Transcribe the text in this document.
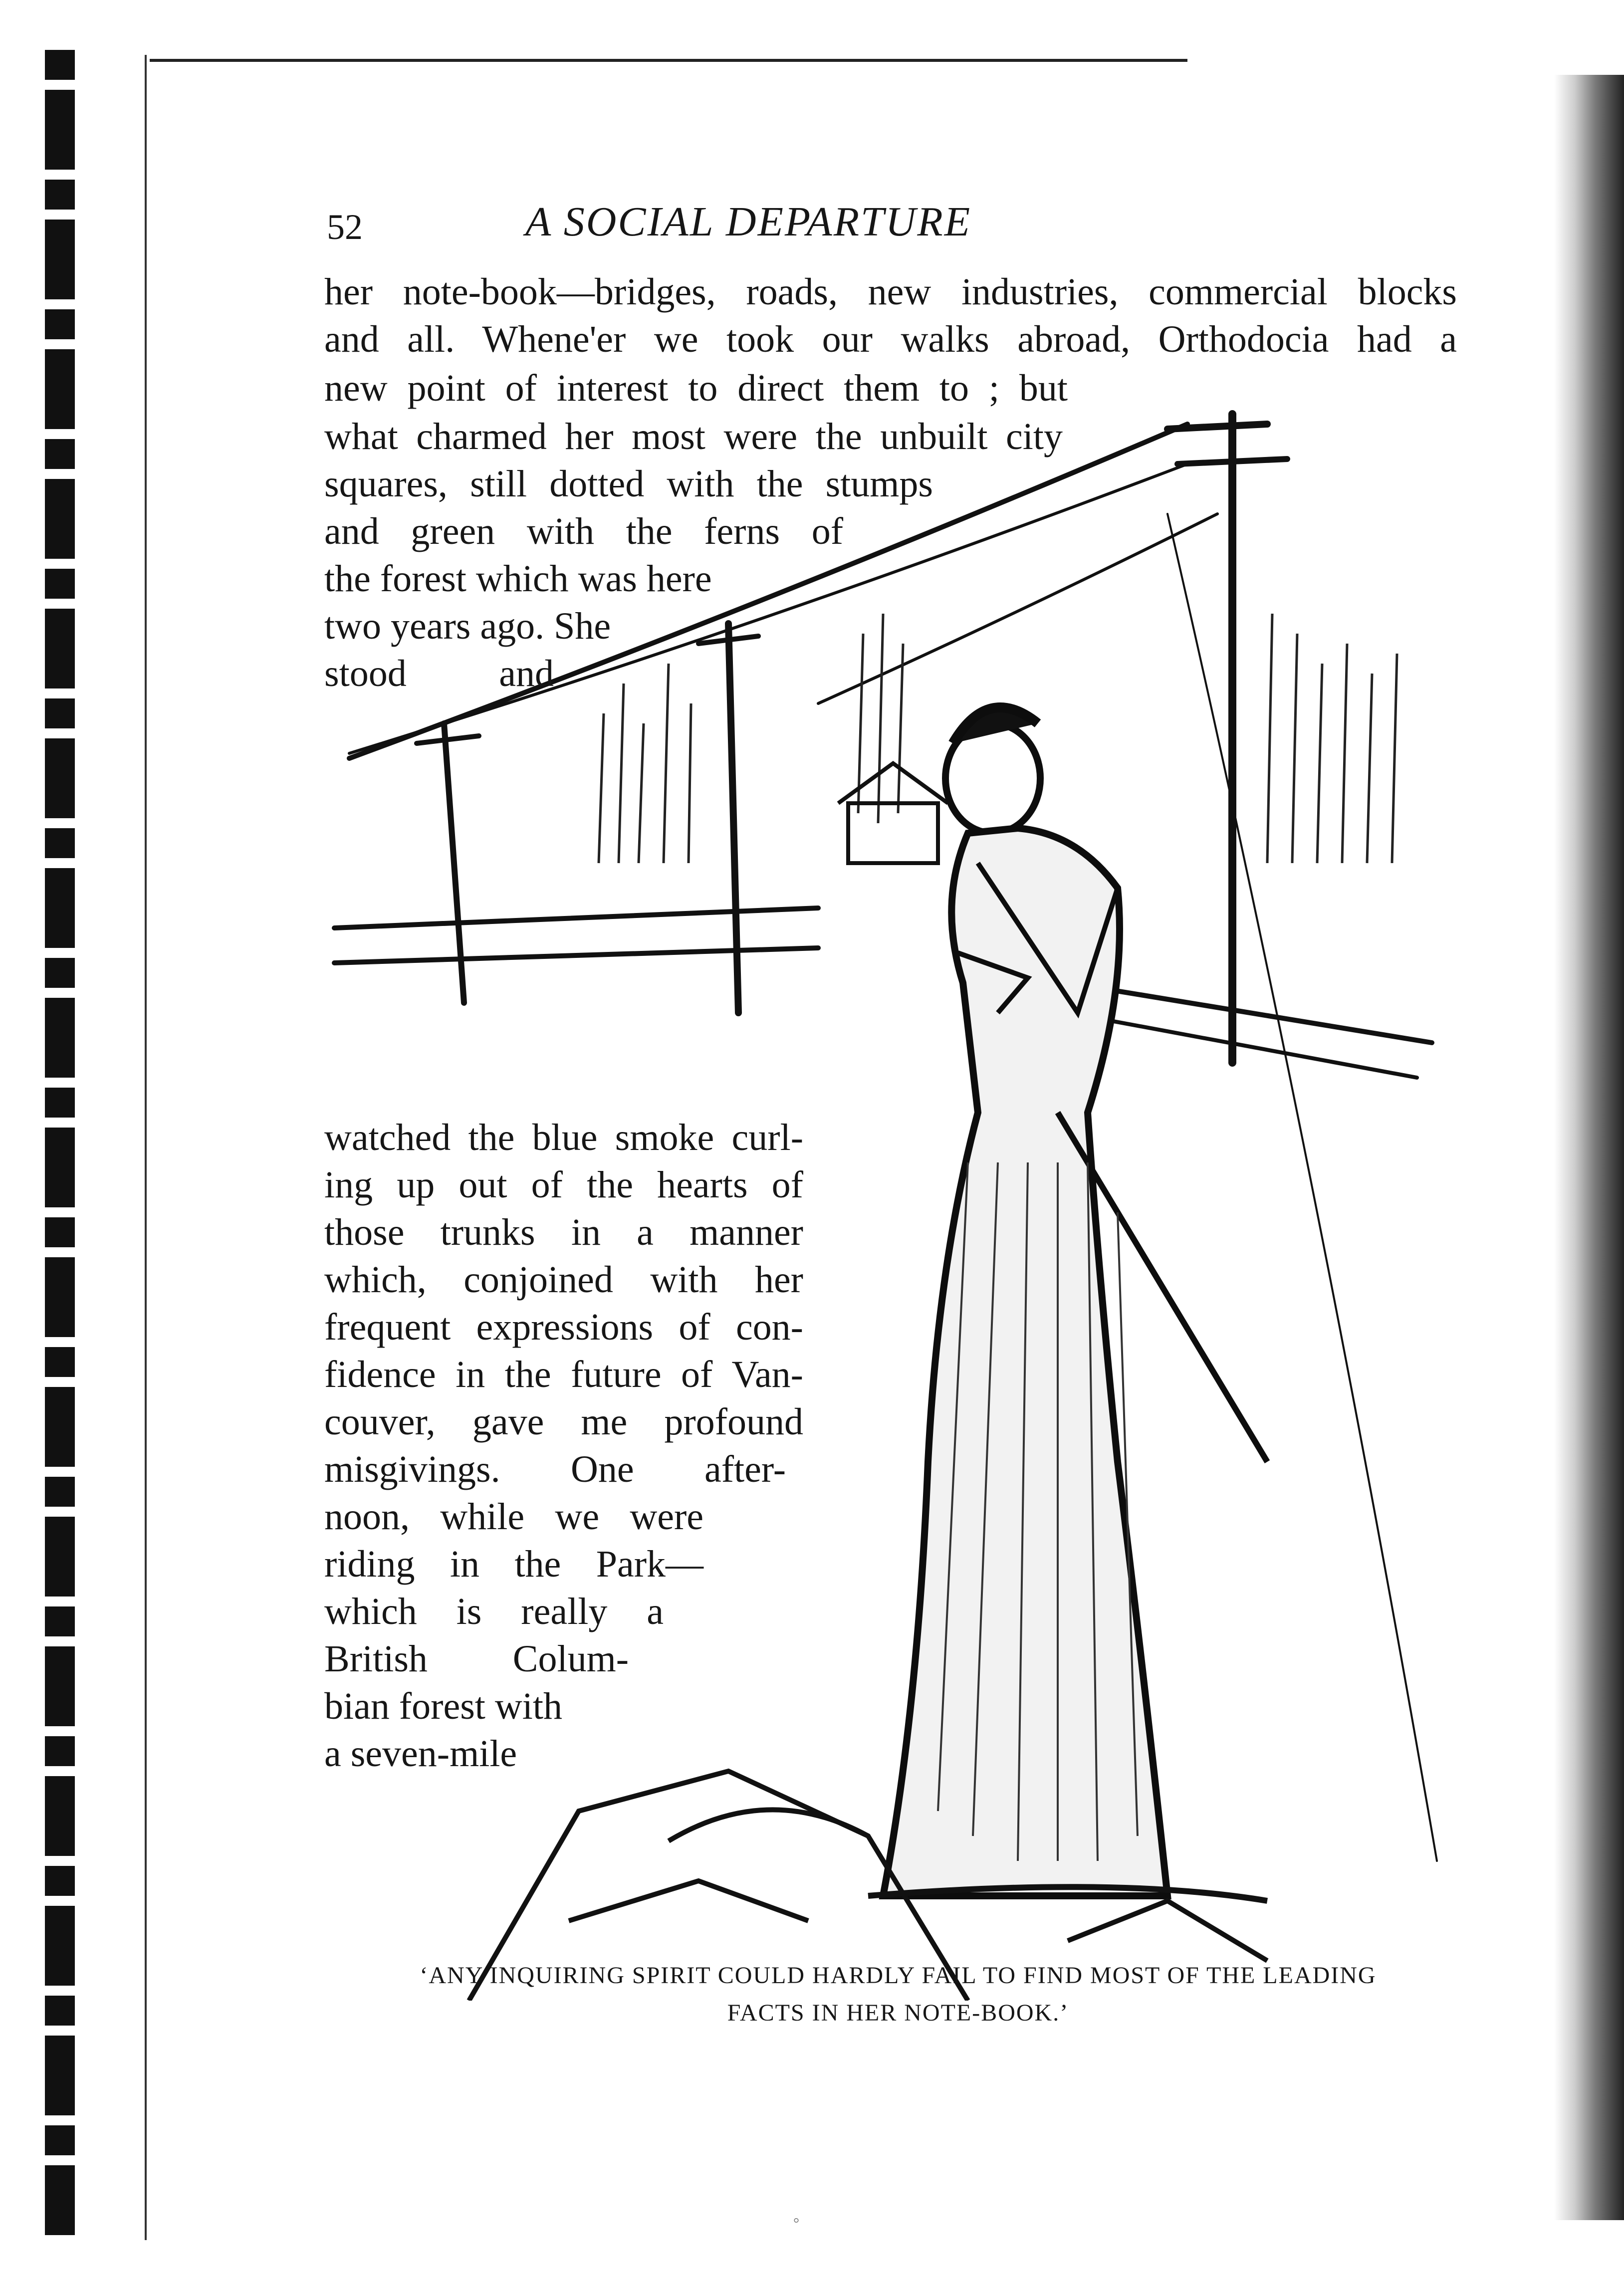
52	A SOCIAL DEPARTURE
her note-book—bridges, roads, new industries, commercial blocks
and all. Whene'er we took our walks abroad, Orthodocia had a
new point of interest to direct them to ; but
what charmed her most were the unbuilt city
squares, still dotted with the stumps
and green with the ferns of
the forest which was here
two years ago. She
stood and
watched the blue smoke curl-
ing up out of the hearts of
those trunks in a manner
which, conjoined with her
frequent expressions of con-
fidence in the future of Van-
couver, gave me profound
misgivings. One after-
noon, while we were
riding in the Park—
which is really a
British Colum-
bian forest with
a seven-mile
‘ANY INQUIRING SPIRIT COULD HARDLY FAIL TO FIND MOST OF THE LEADING
FACTS IN HER NOTE-BOOK.’
°
